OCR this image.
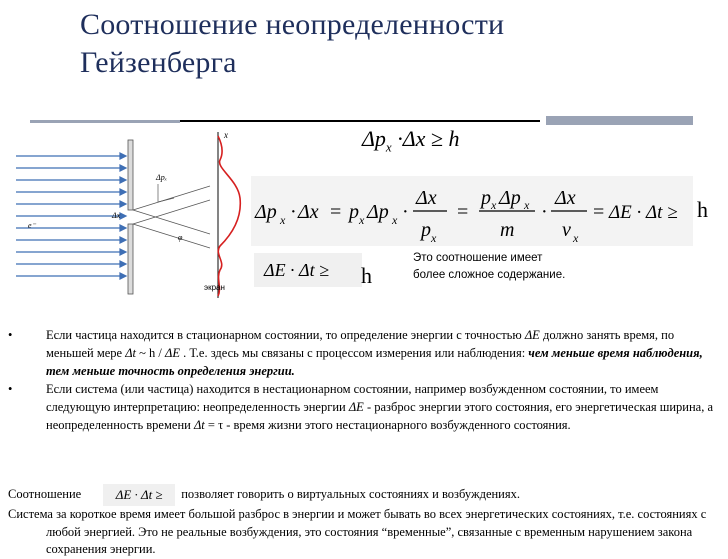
Соотношение неопределенности
Гейзенберга
$\Delta p_x \cdot\Delta x \ge h$
Δp x · Δx = p x Δp x ·
Δx
p x
=
p x Δp x
m
·
Δx
v x
= ΔE · Δt ≥ h
ΔE · Δt ≥ h
Это соотношение имеет
более сложное содержание.
x
Δpₓ
Δx
e⁻
φ
экран
•	Если частица находится в стационарном состоянии, то определение энергии с точностью ΔE должно занять время, по меньшей мере Δt ~ h / ΔE . Т.е. здесь мы связаны с процессом измерения или наблюдения: чем меньше время наблюдения, тем меньше точность определения энергии.
•	Если система (или частица) находится в нестационарном состоянии, например возбужденном состоянии, то имеем следующую интерпретацию: неопределенность энергии ΔE - разброс энергии этого состояния, его энергетическая ширина, а неопределенность времени Δt = τ - время жизни этого нестационарного возбужденного состояния.
Соотношение	ΔE · Δt ≥ позволяет говорить о виртуальных состояниях и возбуждениях.
Система за короткое время имеет большой разброс в энергии и может бывать во всех энергетических состояниях, т.е. состояниях с любой энергией. Это не реальные возбуждения, это состояния “временные”, связанные с временным нарушением закона сохранения энергии.
